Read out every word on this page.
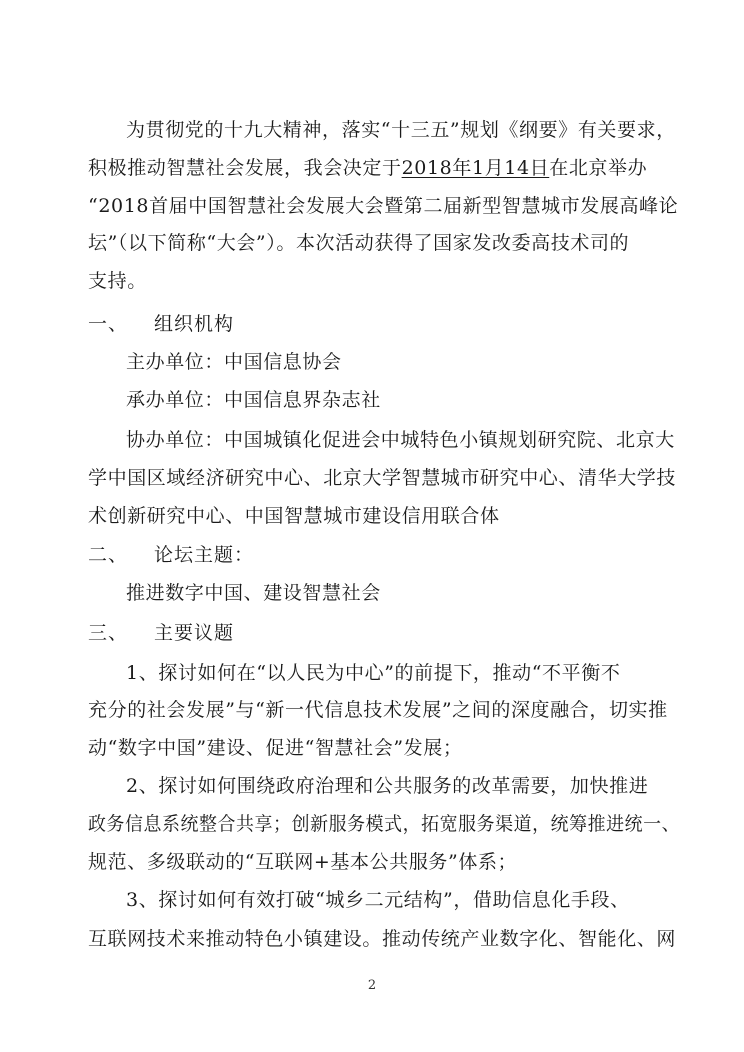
为贯彻党的十九大精神，落实“十三五”规划《纲要》有关要求，
积极推动智慧社会发展，我会决定于2018年1月14日在北京举办
“2018首届中国智慧社会发展大会暨第二届新型智慧城市发展高峰论
坛”（以下简称“大会”）。本次活动获得了国家发改委高技术司的
支持。
一、 组织机构
主办单位：中国信息协会
承办单位：中国信息界杂志社
协办单位：中国城镇化促进会中城特色小镇规划研究院、北京大
学中国区域经济研究中心、北京大学智慧城市研究中心、清华大学技
术创新研究中心、中国智慧城市建设信用联合体
二、 论坛主题：
推进数字中国、建设智慧社会
三、 主要议题
1、探讨如何在“以人民为中心”的前提下，推动“不平衡不
充分的社会发展”与“新一代信息技术发展”之间的深度融合，切实推
动“数字中国”建设、促进“智慧社会”发展；
2、探讨如何围绕政府治理和公共服务的改革需要，加快推进
政务信息系统整合共享；创新服务模式，拓宽服务渠道，统筹推进统一、
规范、多级联动的“互联网+基本公共服务”体系；
3、探讨如何有效打破“城乡二元结构”，借助信息化手段、
互联网技术来推动特色小镇建设。推动传统产业数字化、智能化、网
2
